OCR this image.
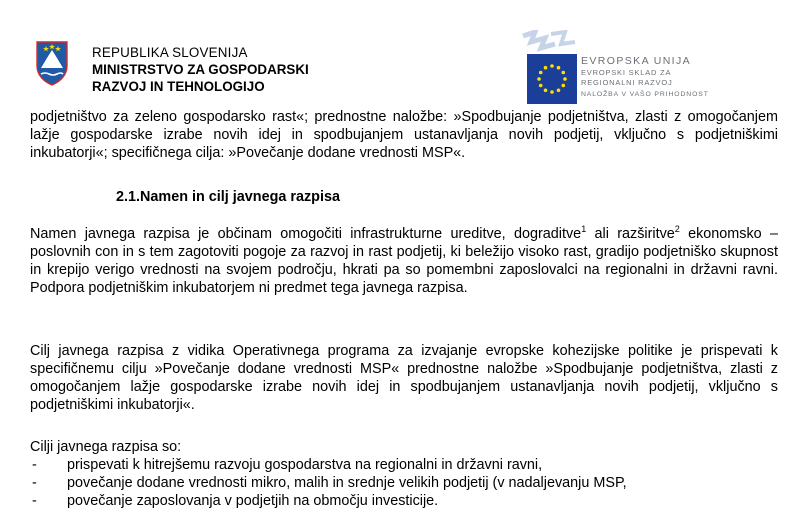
REPUBLIKA SLOVENIJA
MINISTRSTVO ZA GOSPODARSKI
RAZVOJ IN TEHNOLOGIJO
EVROPSKA UNIJA
EVROPSKI SKLAD ZA
REGIONALNI RAZVOJ
NALOŽBA V VAŠO PRIHODNOST

podjetništvo za zeleno gospodarsko rast«; prednostne naložbe: »Spodbujanje podjetništva, zlasti z omogočanjem lažje gospodarske izrabe novih idej in spodbujanjem ustanavljanja novih podjetij, vključno s podjetniškimi inkubatorji«; specifičnega cilja: »Povečanje dodane vrednosti MSP«.

2.1.Namen in cilj javnega razpisa

Namen javnega razpisa je občinam omogočiti infrastrukturne ureditve, dograditve$^1$ ali razširitve$^2$ ekonomsko – poslovnih con in s tem zagotoviti pogoje za razvoj in rast podjetij, ki beležijo visoko rast, gradijo podjetniško skupnost in krepijo verigo vrednosti na svojem področju, hkrati pa so pomembni zaposlovalci na regionalni in državni ravni. Podpora podjetniškim inkubatorjem ni predmet tega javnega razpisa.

Cilj javnega razpisa z vidika Operativnega programa za izvajanje evropske kohezijske politike je prispevati k specifičnemu cilju »Povečanje dodane vrednosti MSP« prednostne naložbe »Spodbujanje podjetništva, zlasti z omogočanjem lažje gospodarske izrabe novih idej in spodbujanjem ustanavljanja novih podjetij, vključno s podjetniškimi inkubatorji«.

Cilji javnega razpisa so:
- prispevati k hitrejšemu razvoju gospodarstva na regionalni in državni ravni,
- povečanje dodane vrednosti mikro, malih in srednje velikih podjetij (v nadaljevanju MSP,
- povečanje zaposlovanja v podjetjih na območju investicije.
